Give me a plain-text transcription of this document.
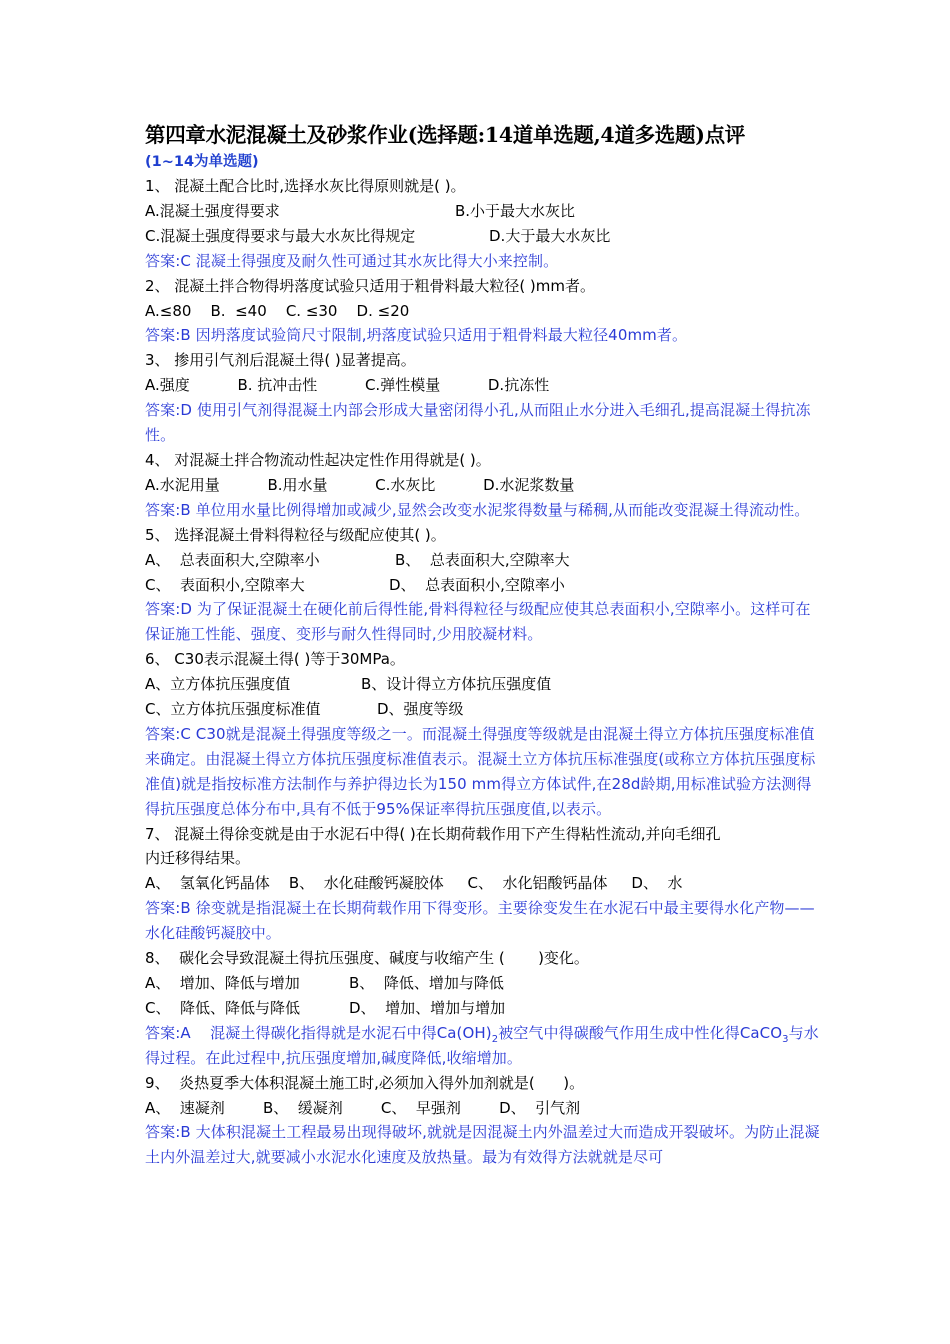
第四章水泥混凝土及砂浆作业(选择题:14道单选题,4道多选题)点评

(1~14为单选题)

1、 混凝土配合比时,选择水灰比得原则就是( )。

A.混凝土强度得要求	B.小于最大水灰比
C.混凝土强度得要求与最大水灰比得规定	D.大于最大水灰比

答案:C 混凝土得强度及耐久性可通过其水灰比得大小来控制。

2、 混凝土拌合物得坍落度试验只适用于粗骨料最大粒径( )mm者。

A.≤80    B.  ≤40    C. ≤30    D. ≤20

答案:B 因坍落度试验筒尺寸限制,坍落度试验只适用于粗骨料最大粒径40mm者。

3、 掺用引气剂后混凝土得( )显著提高。

A.强度          B. 抗冲击性          C.弹性模量          D.抗冻性

答案:D 使用引气剂得混凝土内部会形成大量密闭得小孔,从而阻止水分进入毛细孔,提高混凝土得抗冻性。

4、 对混凝土拌合物流动性起决定性作用得就是( )。

A.水泥用量          B.用水量          C.水灰比          D.水泥浆数量

答案:B 单位用水量比例得增加或减少,显然会改变水泥浆得数量与稀稠,从而能改变混凝土得流动性。

5、 选择混凝土骨料得粒径与级配应使其( )。

A、  总表面积大,空隙率小	B、  总表面积大,空隙率大
C、  表面积小,空隙率大	D、  总表面积小,空隙率小

答案:D 为了保证混凝土在硬化前后得性能,骨料得粒径与级配应使其总表面积小,空隙率小。这样可在保证施工性能、强度、变形与耐久性得同时,少用胶凝材料。

6、 C30表示混凝土得( )等于30MPa。

A、立方体抗压强度值	B、设计得立方体抗压强度值
C、立方体抗压强度标准值	D、强度等级

答案:C C30就是混凝土得强度等级之一。而混凝土得强度等级就是由混凝土得立方体抗压强度标准值来确定。由混凝土得立方体抗压强度标准值表示。混凝土立方体抗压标准强度(或称立方体抗压强度标准值)就是指按标准方法制作与养护得边长为150 mm得立方体试件,在28d龄期,用标准试验方法测得得抗压强度总体分布中,具有不低于95%保证率得抗压强度值,以表示。

7、 混凝土得徐变就是由于水泥石中得( )在长期荷载作用下产生得粘性流动,并向毛细孔

内迁移得结果。

A、  氢氧化钙晶体    B、  水化硅酸钙凝胶体     C、  水化铝酸钙晶体     D、  水

答案:B 徐变就是指混凝土在长期荷载作用下得变形。主要徐变发生在水泥石中最主要得水化产物——水化硅酸钙凝胶中。

8、  碳化会导致混凝土得抗压强度、碱度与收缩产生 (       )变化。

A、  增加、降低与增加	B、  降低、增加与降低
C、  降低、降低与降低	D、  增加、增加与增加

答案:A    混凝土得碳化指得就是水泥石中得$Ca(OH)_2$被空气中得碳酸气作用生成中性化得CaCO$_3$与水得过程。在此过程中,抗压强度增加,碱度降低,收缩增加。

9、  炎热夏季大体积混凝土施工时,必须加入得外加剂就是(      )。

A、  速凝剂        B、  缓凝剂        C、  早强剂        D、  引气剂

答案:B 大体积混凝土工程最易出现得破坏,就就是因混凝土内外温差过大而造成开裂破坏。为防止混凝土内外温差过大,就要减小水泥水化速度及放热量。最为有效得方法就就是尽可
